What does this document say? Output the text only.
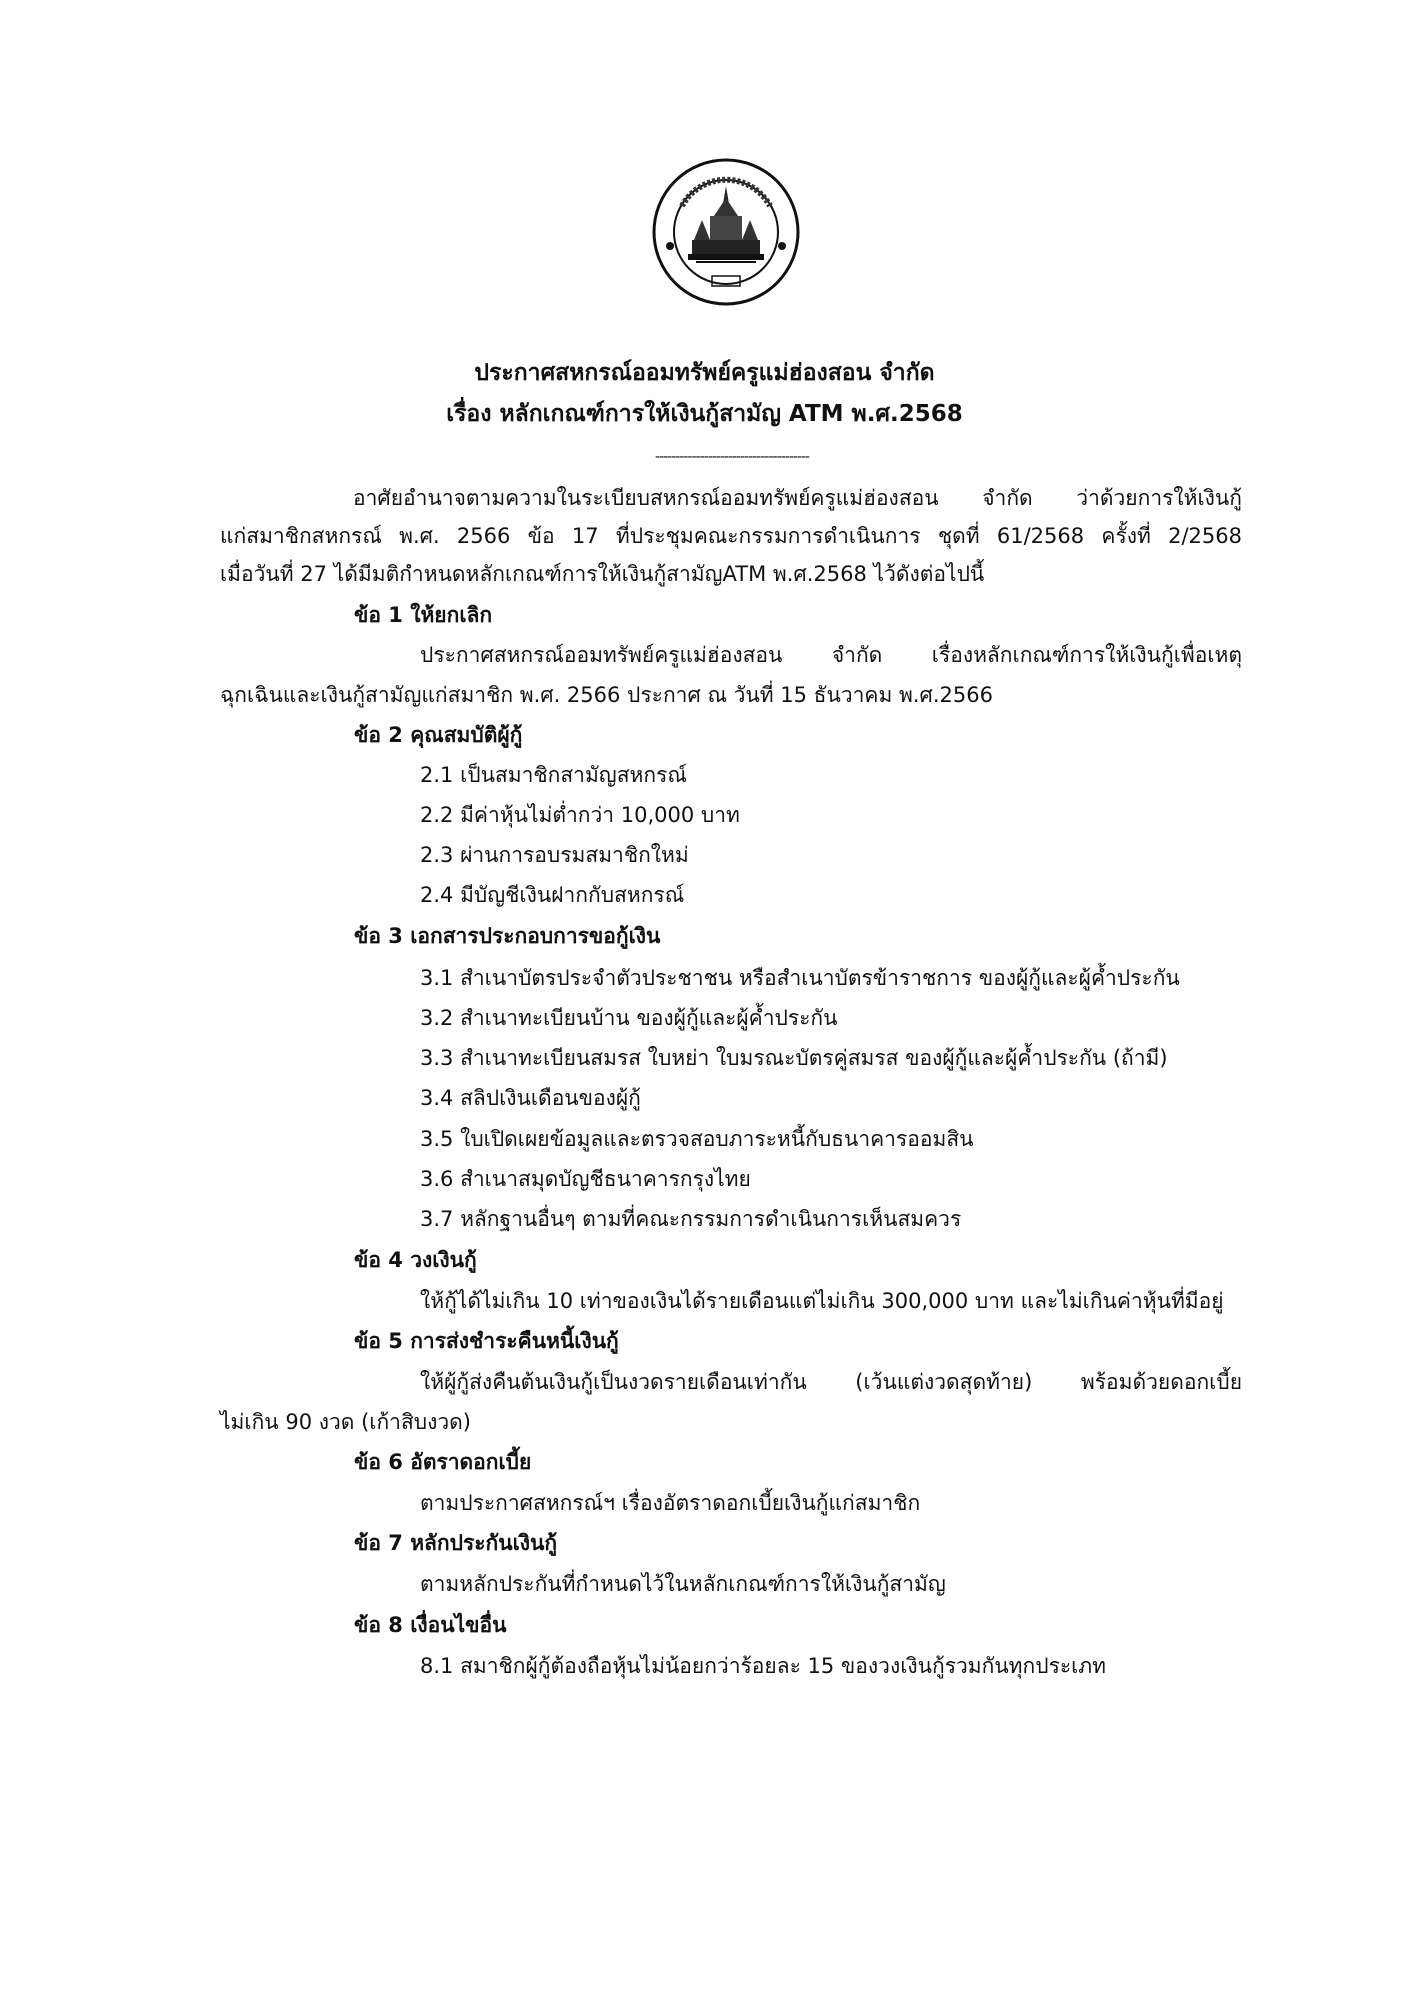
ประกาศสหกรณ์ออมทรัพย์ครูแม่ฮ่องสอน จำกัด
เรื่อง หลักเกณฑ์การให้เงินกู้สามัญ ATM พ.ศ.2568
--------------------------------------
อาศัยอำนาจตามความในระเบียบสหกรณ์ออมทรัพย์ครูแม่ฮ่องสอน จำกัด ว่าด้วยการให้เงินกู้
แก่สมาชิกสหกรณ์ พ.ศ. 2566 ข้อ 17 ที่ประชุมคณะกรรมการดำเนินการ ชุดที่ 61/2568 ครั้งที่ 2/2568
เมื่อวันที่ 27 ได้มีมติกำหนดหลักเกณฑ์การให้เงินกู้สามัญATM พ.ศ.2568 ไว้ดังต่อไปนี้
ข้อ 1 ให้ยกเลิก
ประกาศสหกรณ์ออมทรัพย์ครูแม่ฮ่องสอน จำกัด เรื่องหลักเกณฑ์การให้เงินกู้เพื่อเหตุ
ฉุกเฉินและเงินกู้สามัญแก่สมาชิก พ.ศ. 2566 ประกาศ ณ วันที่ 15 ธันวาคม พ.ศ.2566
ข้อ 2 คุณสมบัติผู้กู้
2.1 เป็นสมาชิกสามัญสหกรณ์
2.2 มีค่าหุ้นไม่ต่ำกว่า 10,000 บาท
2.3 ผ่านการอบรมสมาชิกใหม่
2.4 มีบัญชีเงินฝากกับสหกรณ์
ข้อ 3 เอกสารประกอบการขอกู้เงิน
3.1 สำเนาบัตรประจำตัวประชาชน หรือสำเนาบัตรข้าราชการ ของผู้กู้และผู้ค้ำประกัน
3.2 สำเนาทะเบียนบ้าน ของผู้กู้และผู้ค้ำประกัน
3.3 สำเนาทะเบียนสมรส ใบหย่า ใบมรณะบัตรคู่สมรส ของผู้กู้และผู้ค้ำประกัน (ถ้ามี)
3.4 สลิปเงินเดือนของผู้กู้
3.5 ใบเปิดเผยข้อมูลและตรวจสอบภาระหนี้กับธนาคารออมสิน
3.6 สำเนาสมุดบัญชีธนาคารกรุงไทย
3.7 หลักฐานอื่นๆ ตามที่คณะกรรมการดำเนินการเห็นสมควร
ข้อ 4 วงเงินกู้
ให้กู้ได้ไม่เกิน 10 เท่าของเงินได้รายเดือนแต่ไม่เกิน 300,000 บาท และไม่เกินค่าหุ้นที่มีอยู่
ข้อ 5 การส่งชำระคืนหนี้เงินกู้
ให้ผู้กู้ส่งคืนต้นเงินกู้เป็นงวดรายเดือนเท่ากัน (เว้นแต่งวดสุดท้าย) พร้อมด้วยดอกเบี้ย
ไม่เกิน 90 งวด (เก้าสิบงวด)
ข้อ 6 อัตราดอกเบี้ย
ตามประกาศสหกรณ์ฯ เรื่องอัตราดอกเบี้ยเงินกู้แก่สมาชิก
ข้อ 7 หลักประกันเงินกู้
ตามหลักประกันที่กำหนดไว้ในหลักเกณฑ์การให้เงินกู้สามัญ
ข้อ 8 เงื่อนไขอื่น
8.1 สมาชิกผู้กู้ต้องถือหุ้นไม่น้อยกว่าร้อยละ 15 ของวงเงินกู้รวมกันทุกประเภท
